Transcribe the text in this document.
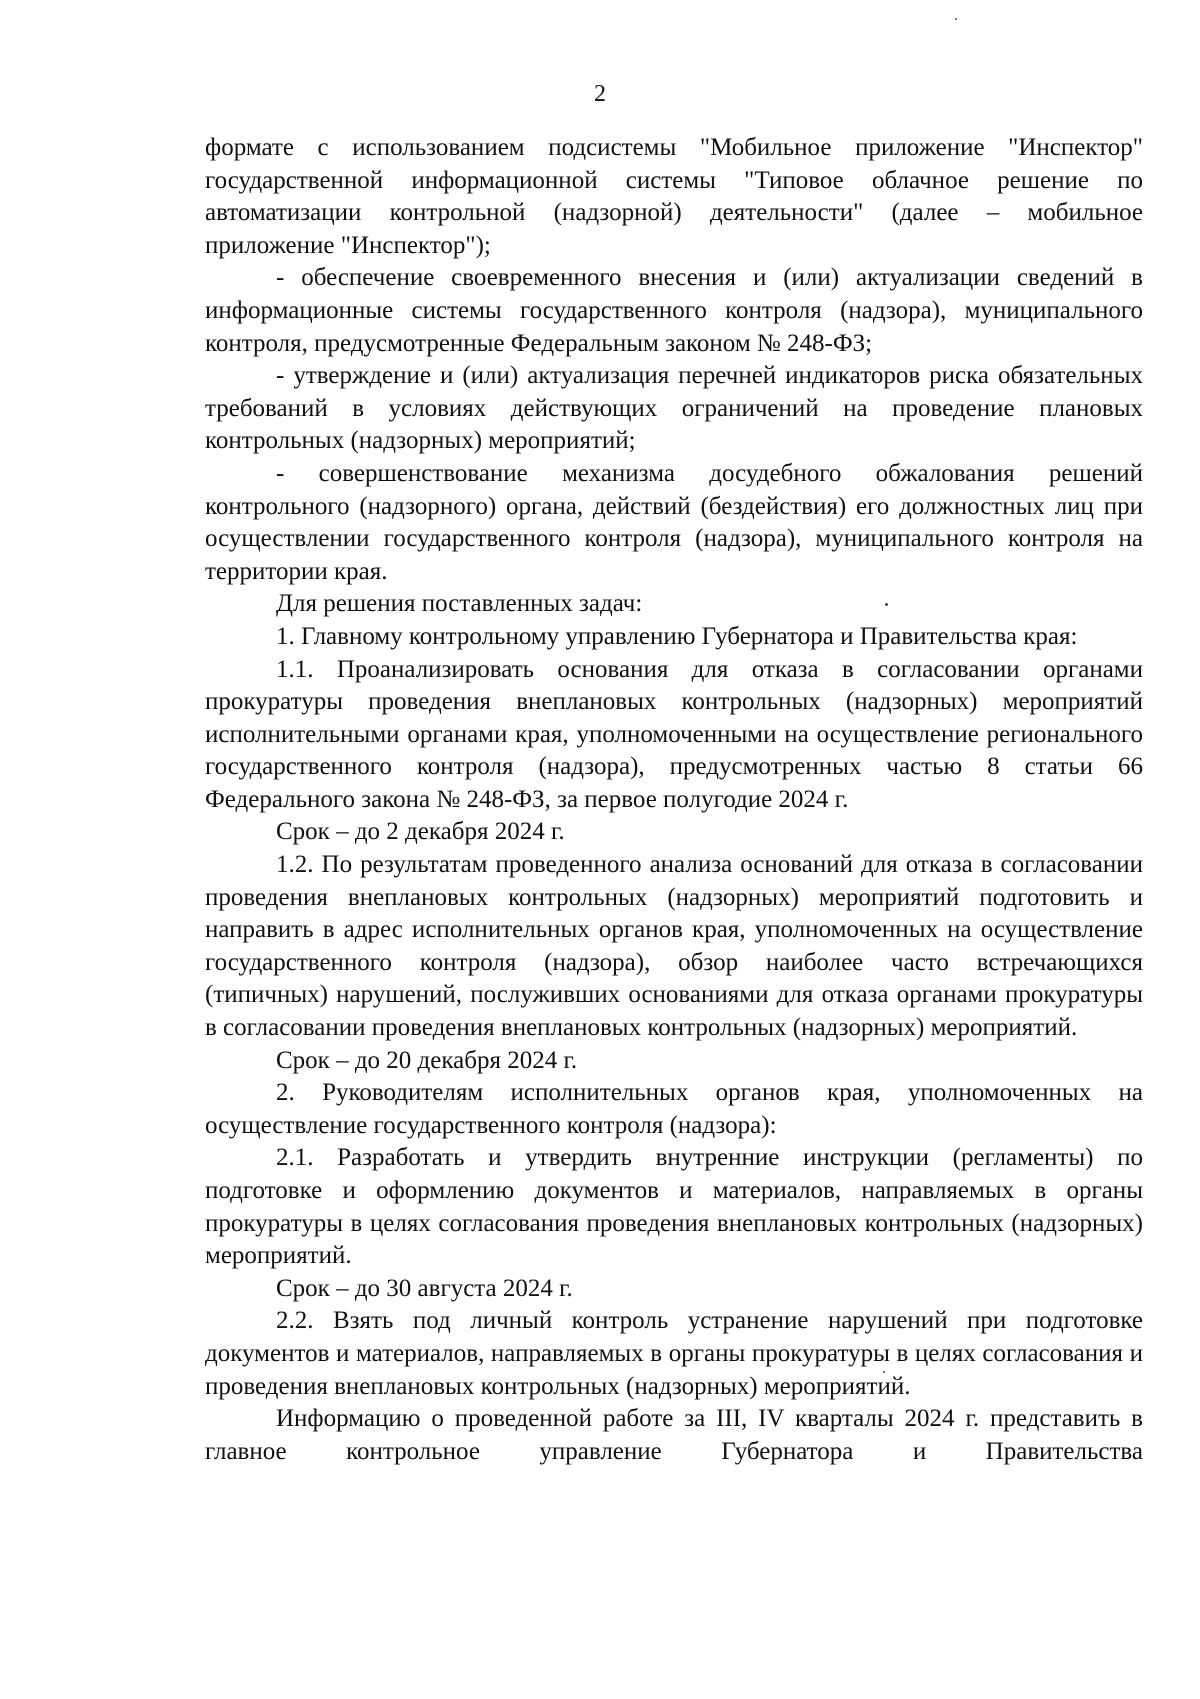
2

формате с использованием подсистемы "Мобильное приложение "Инспектор" государственной информационной системы "Типовое облачное решение по автоматизации контрольной (надзорной) деятельности" (далее – мобильное приложение "Инспектор");

- обеспечение своевременного внесения и (или) актуализации сведений в информационные системы государственного контроля (надзора), муниципального контроля, предусмотренные Федеральным законом № 248-ФЗ;

- утверждение и (или) актуализация перечней индикаторов риска обязательных требований в условиях действующих ограничений на проведение плановых контрольных (надзорных) мероприятий;

- совершенствование механизма досудебного обжалования решений контрольного (надзорного) органа, действий (бездействия) его должностных лиц при осуществлении государственного контроля (надзора), муниципального контроля на территории края.

Для решения поставленных задач:

1. Главному контрольному управлению Губернатора и Правительства края:

1.1. Проанализировать основания для отказа в согласовании органами прокуратуры проведения внеплановых контрольных (надзорных) мероприятий исполнительными органами края, уполномоченными на осуществление регионального государственного контроля (надзора), предусмотренных частью 8 статьи 66 Федерального закона № 248-ФЗ, за первое полугодие 2024 г.

Срок – до 2 декабря 2024 г.

1.2. По результатам проведенного анализа оснований для отказа в согласовании проведения внеплановых контрольных (надзорных) мероприятий подготовить и направить в адрес исполнительных органов края, уполномоченных на осуществление государственного контроля (надзора), обзор наиболее часто встречающихся (типичных) нарушений, послуживших основаниями для отказа органами прокуратуры в согласовании проведения внеплановых контрольных (надзорных) мероприятий.

Срок – до 20 декабря 2024 г.

2. Руководителям исполнительных органов края, уполномоченных на осуществление государственного контроля (надзора):

2.1. Разработать и утвердить внутренние инструкции (регламенты) по подготовке и оформлению документов и материалов, направляемых в органы прокуратуры в целях согласования проведения внеплановых контрольных (надзорных) мероприятий.

Срок – до 30 августа 2024 г.

2.2. Взять под личный контроль устранение нарушений при подготовке документов и материалов, направляемых в органы прокуратуры в целях согласования и проведения внеплановых контрольных (надзорных) мероприятий.

Информацию о проведенной работе за III, IV кварталы 2024 г. представить в главное контрольное управление Губернатора и Правительства
